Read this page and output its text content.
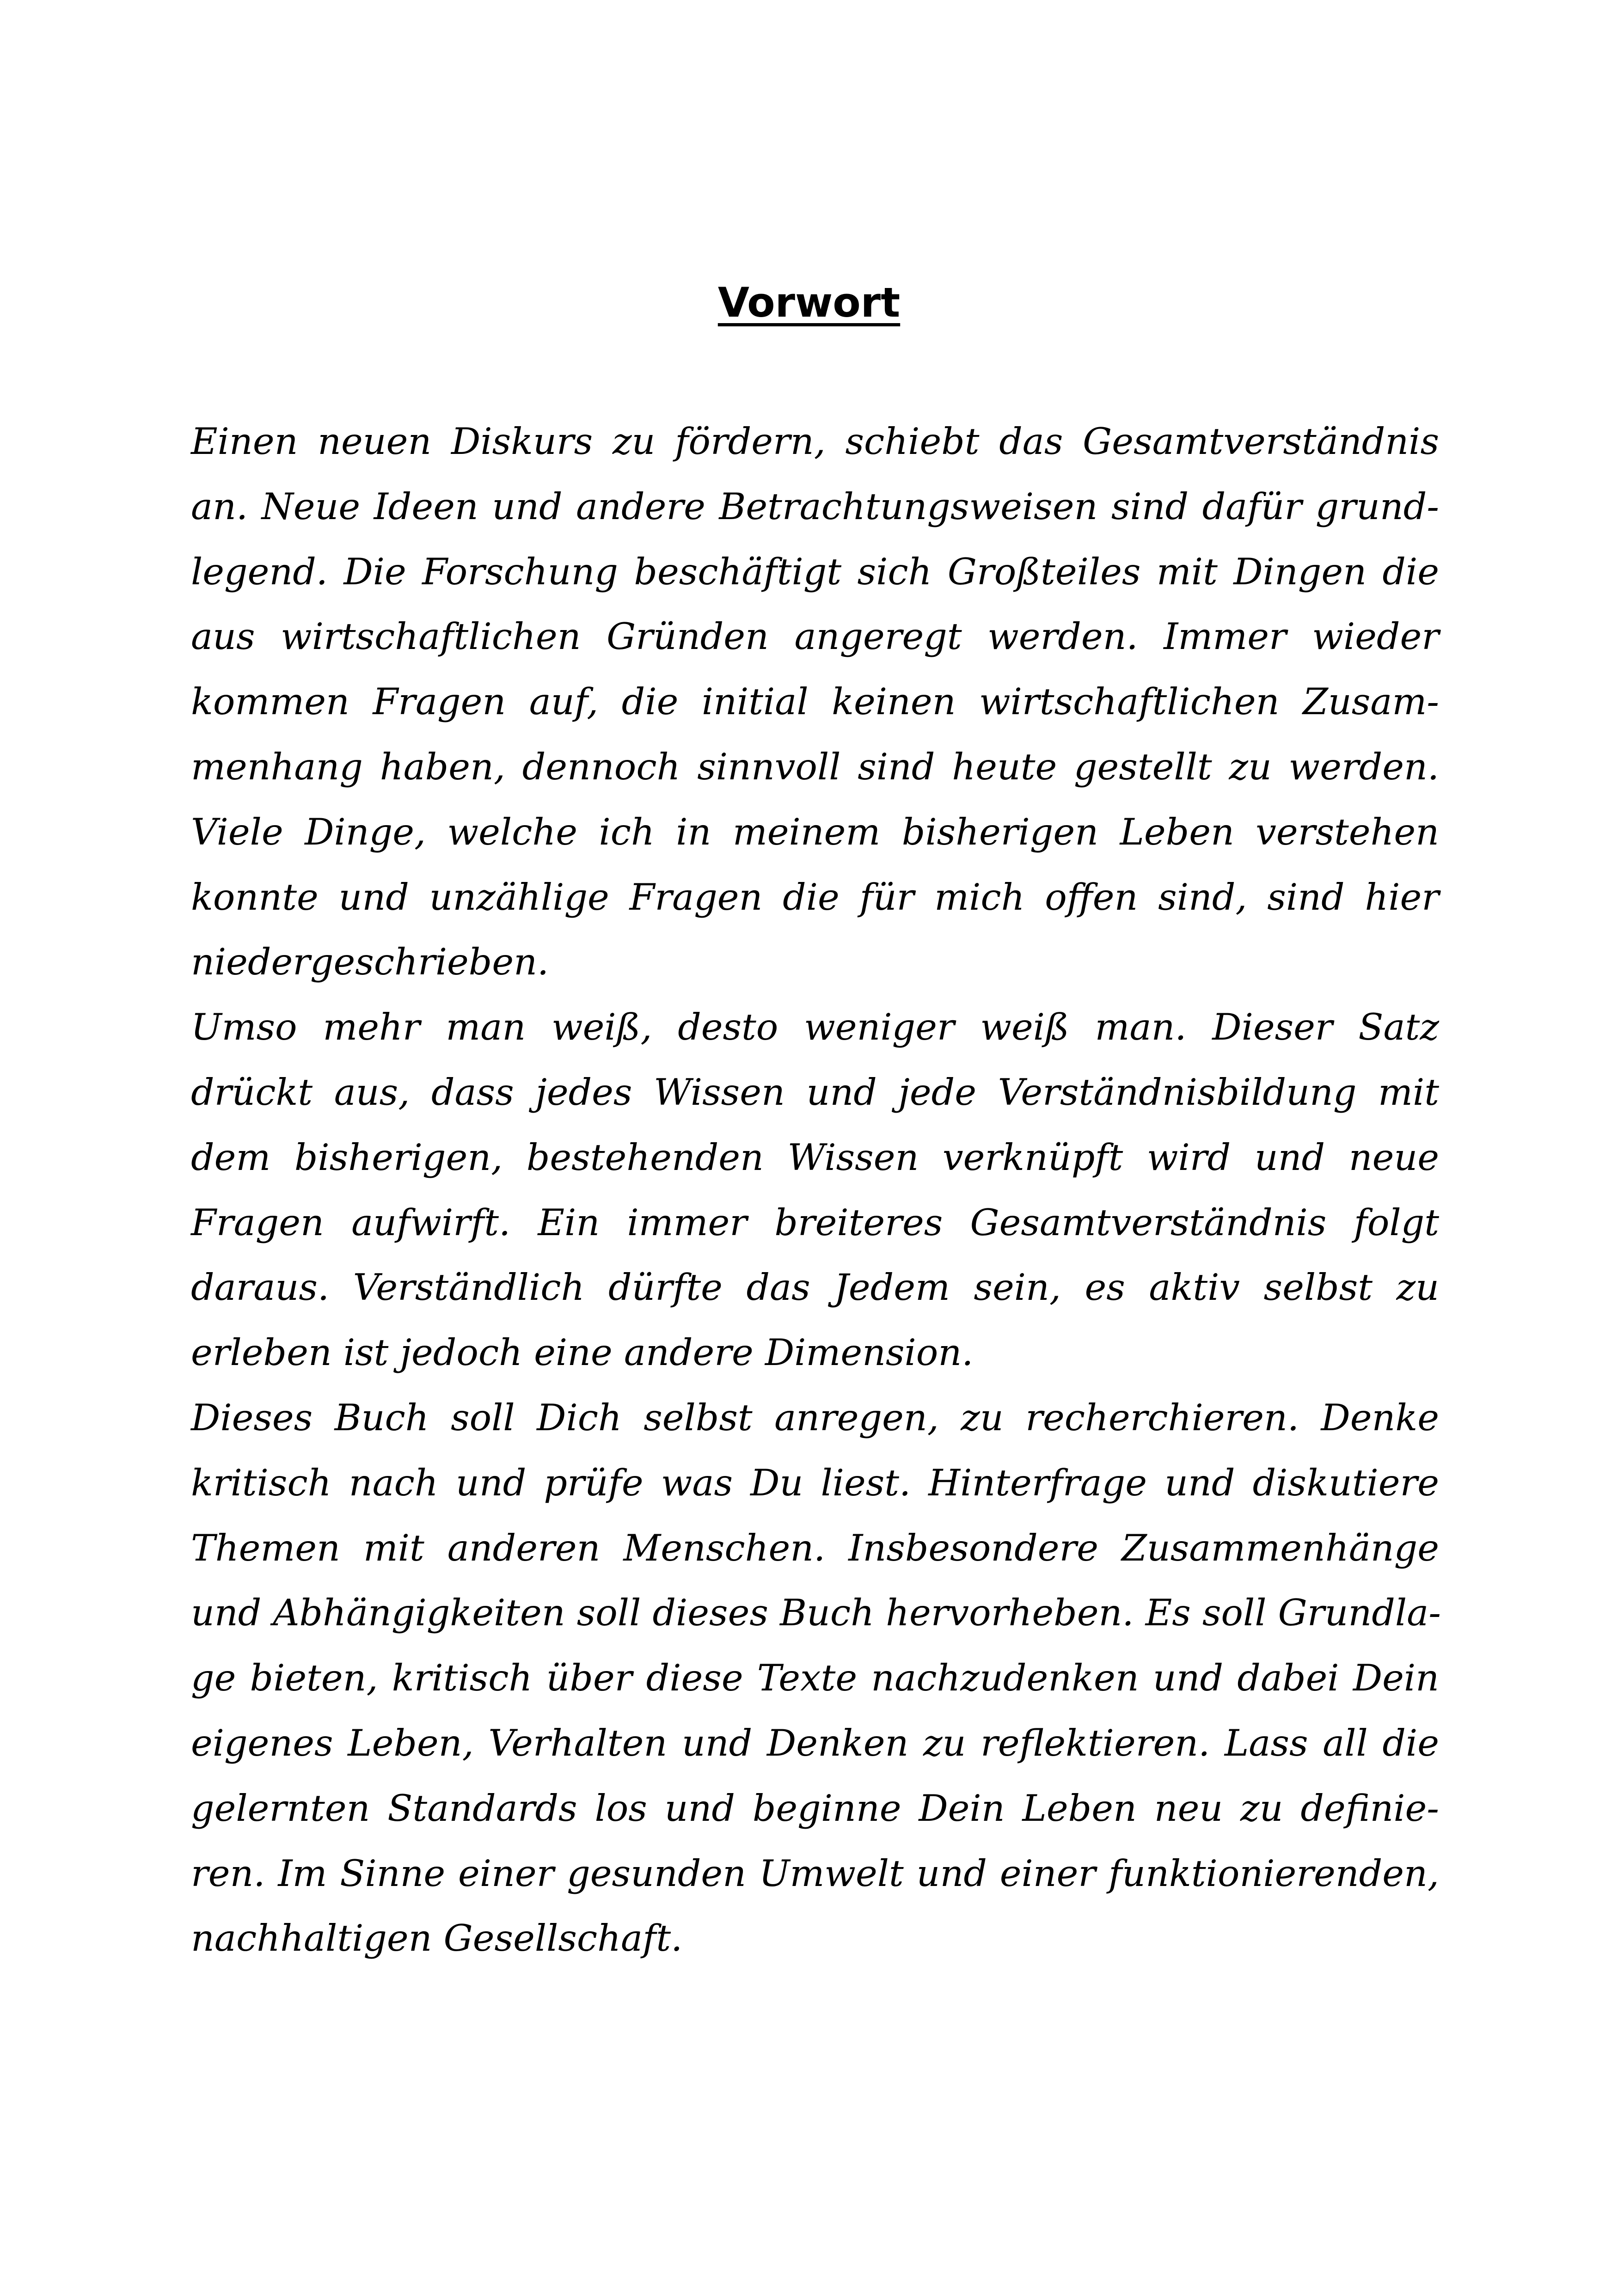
Vorwort
Einen neuen Diskurs zu fördern, schiebt das Gesamtverständnis
an. Neue Ideen und andere Betrachtungsweisen sind dafür grund-
legend. Die Forschung beschäftigt sich Großteiles mit Dingen die
aus wirtschaftlichen Gründen angeregt werden. Immer wieder
kommen Fragen auf, die initial keinen wirtschaftlichen Zusam-
menhang haben, dennoch sinnvoll sind heute gestellt zu werden.
Viele Dinge, welche ich in meinem bisherigen Leben verstehen
konnte und unzählige Fragen die für mich offen sind, sind hier
niedergeschrieben.
Umso mehr man weiß, desto weniger weiß man. Dieser Satz
drückt aus, dass jedes Wissen und jede Verständnisbildung mit
dem bisherigen, bestehenden Wissen verknüpft wird und neue
Fragen aufwirft. Ein immer breiteres Gesamtverständnis folgt
daraus. Verständlich dürfte das Jedem sein, es aktiv selbst zu
erleben ist jedoch eine andere Dimension.
Dieses Buch soll Dich selbst anregen, zu recherchieren. Denke
kritisch nach und prüfe was Du liest. Hinterfrage und diskutiere
Themen mit anderen Menschen. Insbesondere Zusammenhänge
und Abhängigkeiten soll dieses Buch hervorheben. Es soll Grundla-
ge bieten, kritisch über diese Texte nachzudenken und dabei Dein
eigenes Leben, Verhalten und Denken zu reflektieren. Lass all die
gelernten Standards los und beginne Dein Leben neu zu definie-
ren. Im Sinne einer gesunden Umwelt und einer funktionierenden,
nachhaltigen Gesellschaft.
